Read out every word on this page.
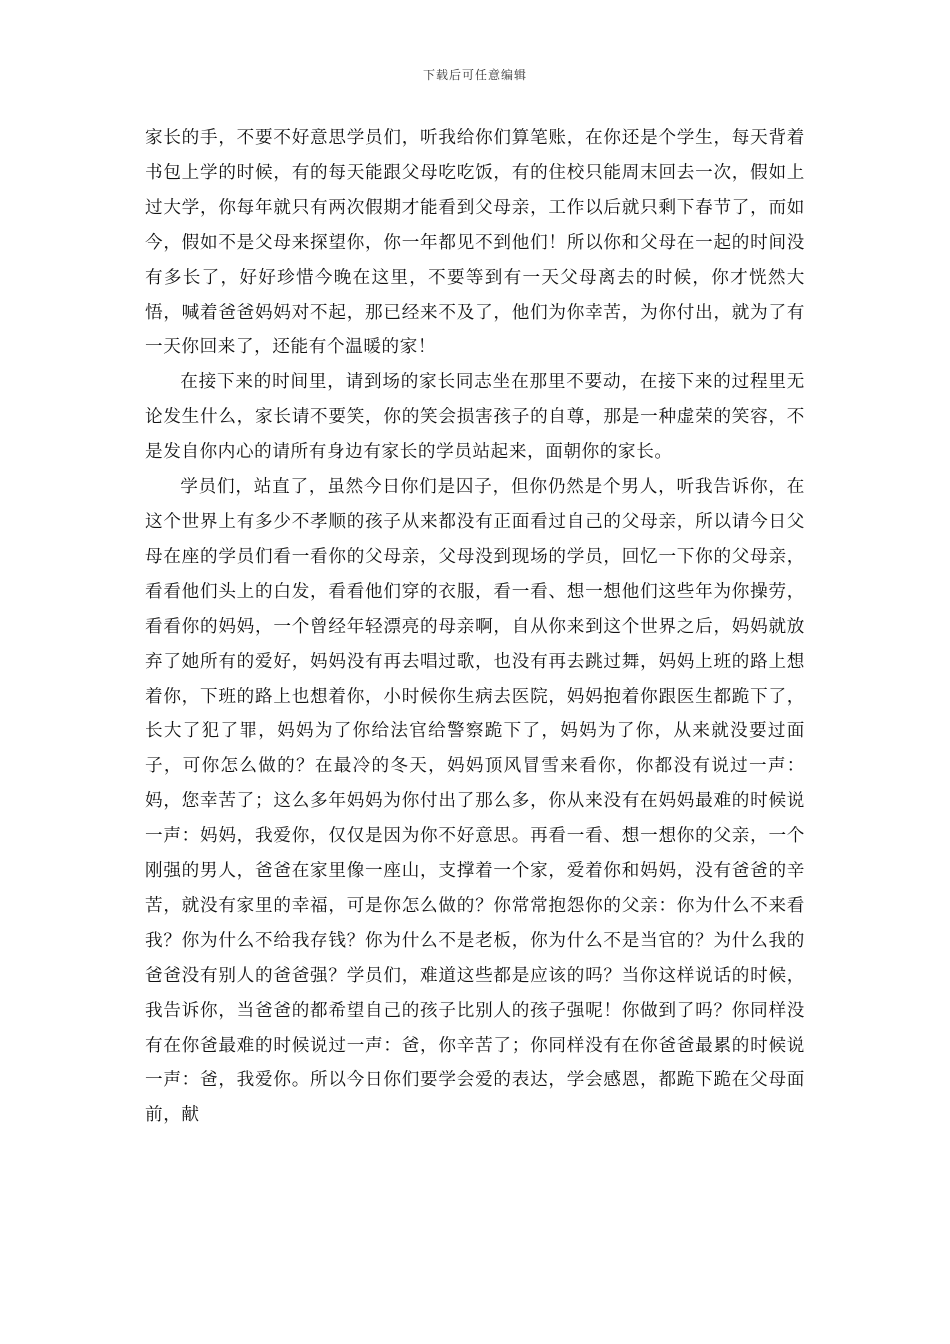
下载后可任意编辑

家长的手，不要不好意思学员们，听我给你们算笔账，在你还是个学生，每天背着书包上学的时候，有的每天能跟父母吃吃饭，有的住校只能周末回去一次，假如上过大学，你每年就只有两次假期才能看到父母亲，工作以后就只剩下春节了，而如今，假如不是父母来探望你，你一年都见不到他们！所以你和父母在一起的时间没有多长了，好好珍惜今晚在这里，不要等到有一天父母离去的时候，你才恍然大悟，喊着爸爸妈妈对不起，那已经来不及了，他们为你幸苦，为你付出，就为了有一天你回来了，还能有个温暖的家！

在接下来的时间里，请到场的家长同志坐在那里不要动，在接下来的过程里无论发生什么，家长请不要笑，你的笑会损害孩子的自尊，那是一种虚荣的笑容，不是发自你内心的请所有身边有家长的学员站起来，面朝你的家长。

学员们，站直了，虽然今日你们是囚子，但你仍然是个男人，听我告诉你，在这个世界上有多少不孝顺的孩子从来都没有正面看过自己的父母亲，所以请今日父母在座的学员们看一看你的父母亲，父母没到现场的学员，回忆一下你的父母亲，看看他们头上的白发，看看他们穿的衣服，看一看、想一想他们这些年为你操劳，看看你的妈妈，一个曾经年轻漂亮的母亲啊，自从你来到这个世界之后，妈妈就放弃了她所有的爱好，妈妈没有再去唱过歌，也没有再去跳过舞，妈妈上班的路上想着你，下班的路上也想着你，小时候你生病去医院，妈妈抱着你跟医生都跪下了，长大了犯了罪，妈妈为了你给法官给警察跪下了，妈妈为了你，从来就没要过面子，可你怎么做的？在最冷的冬天，妈妈顶风冒雪来看你，你都没有说过一声：妈，您幸苦了；这么多年妈妈为你付出了那么多，你从来没有在妈妈最难的时候说一声：妈妈，我爱你，仅仅是因为你不好意思。再看一看、想一想你的父亲，一个刚强的男人，爸爸在家里像一座山，支撑着一个家，爱着你和妈妈，没有爸爸的辛苦，就没有家里的幸福，可是你怎么做的？你常常抱怨你的父亲：你为什么不来看我？你为什么不给我存钱？你为什么不是老板，你为什么不是当官的？为什么我的爸爸没有别人的爸爸强？学员们，难道这些都是应该的吗？当你这样说话的时候，我告诉你，当爸爸的都希望自己的孩子比别人的孩子强呢！你做到了吗？你同样没有在你爸最难的时候说过一声：爸，你辛苦了；你同样没有在你爸爸最累的时候说一声：爸，我爱你。所以今日你们要学会爱的表达，学会感恩，都跪下跪在父母面前，献
